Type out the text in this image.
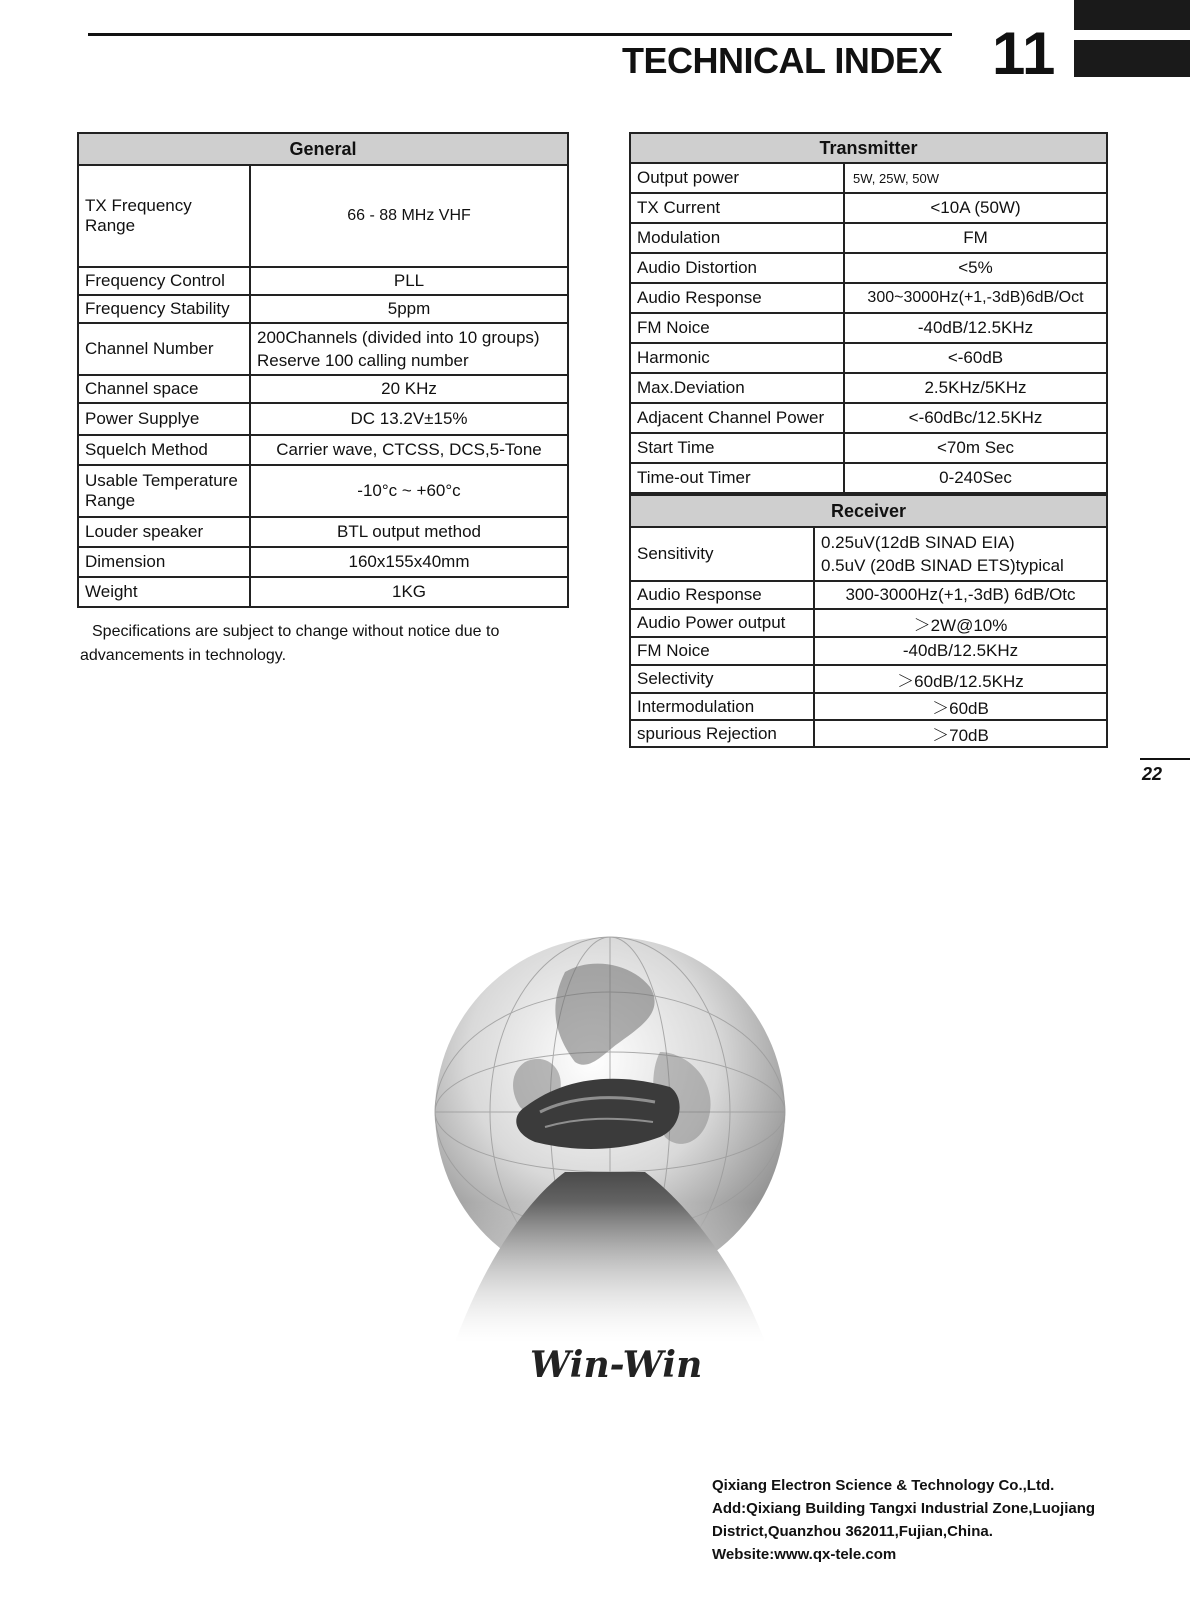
TECHNICAL INDEX 11
General	
TX Frequency Range	66 - 88 MHz VHF
Frequency Control	PLL
Frequency Stability	5ppm
Channel Number	200Channels (divided into 10 groups)
Reserve 100 calling number

Channel space	20 KHz
Power Supplye	DC 13.2V±15%
Squelch Method	Carrier wave, CTCSS, DCS,5-Tone
Usable Temperature Range	-10°c ~ +60°c
Louder speaker	BTL output method
Dimension	160x155x40mm
Weight	1KG
Specifications are subject to change without notice due to advancements in technology.
Transmitter	
Output power	5W, 25W, 50W
TX Current	<10A (50W)
Modulation	FM
Audio Distortion	<5%
Audio Response	300~3000Hz(+1,-3dB)6dB/Oct
FM Noice	-40dB/12.5KHz
Harmonic	<-60dB
Max.Deviation	2.5KHz/5KHz
Adjacent Channel Power	<-60dBc/12.5KHz
Start Time	<70m Sec
Time-out Timer	0-240Sec
Receiver	
Sensitivity	0.25uV(12dB SINAD EIA)
0.5uV (20dB SINAD ETS)typical

Audio Response	300-3000Hz(+1,-3dB) 6dB/Otc
Audio Power output	＞2W@10%
FM Noice	-40dB/12.5KHz
Selectivity	＞60dB/12.5KHz
Intermodulation	＞60dB
spurious Rejection	＞70dB
22
Win-Win
Qixiang Electron Science & Technology Co.,Ltd.
Add:Qixiang Building Tangxi Industrial Zone,Luojiang
District,Quanzhou 362011,Fujian,China.
Website:www.qx-tele.com
